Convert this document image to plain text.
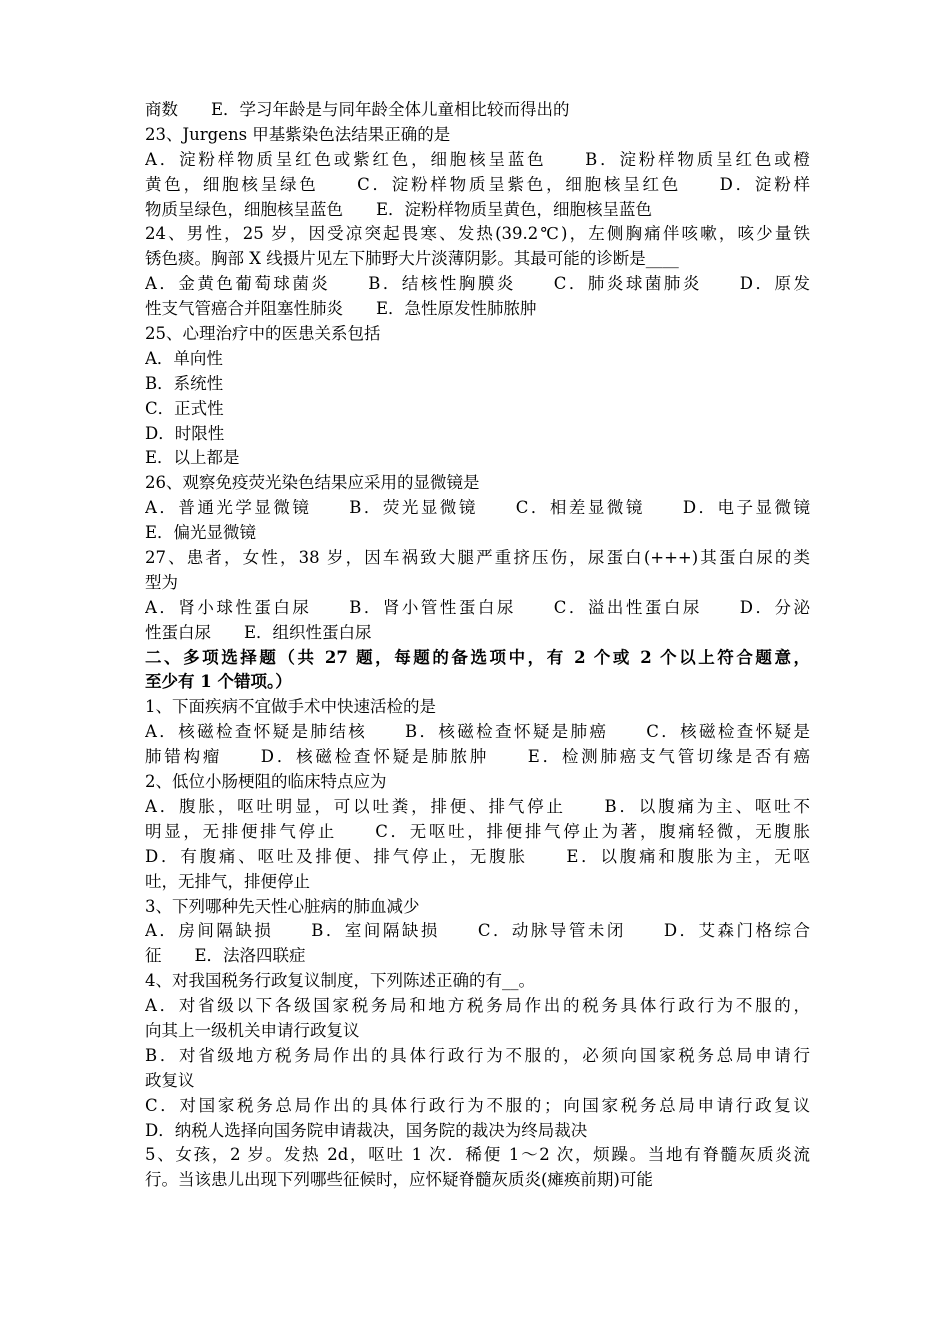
商数　　E．学习年龄是与同年龄全体儿童相比较而得出的
23、Jurgens 甲基紫染色法结果正确的是
A．淀粉样物质呈红色或紫红色，细胞核呈蓝色　　B．淀粉样物质呈红色或橙
黄色，细胞核呈绿色　　C．淀粉样物质呈紫色，细胞核呈红色　　D．淀粉样
物质呈绿色，细胞核呈蓝色　　E．淀粉样物质呈黄色，细胞核呈蓝色
24、男性，25 岁，因受凉突起畏寒、发热(39.2℃)，左侧胸痛伴咳嗽，咳少量铁
锈色痰。胸部 X 线摄片见左下肺野大片淡薄阴影。其最可能的诊断是____
A．金黄色葡萄球菌炎　　B．结核性胸膜炎　　C．肺炎球菌肺炎　　D．原发
性支气管癌合并阻塞性肺炎　　E．急性原发性肺脓肿
25、心理治疗中的医患关系包括
A．单向性
B．系统性
C．正式性
D．时限性
E．以上都是
26、观察免疫荧光染色结果应采用的显微镜是
A．普通光学显微镜　　B．荧光显微镜　　C．相差显微镜　　D．电子显微镜
E．偏光显微镜
27、患者，女性，38 岁，因车祸致大腿严重挤压伤，尿蛋白(+++)其蛋白尿的类
型为
A．肾小球性蛋白尿　　B．肾小管性蛋白尿　　C．溢出性蛋白尿　　D．分泌
性蛋白尿　　E．组织性蛋白尿
二、多项选择题（共 27 题，每题的备选项中，有 2 个或 2 个以上符合题意，
至少有 1 个错项。）
1、下面疾病不宜做手术中快速活检的是
A．核磁检查怀疑是肺结核　　B．核磁检查怀疑是肺癌　　C．核磁检查怀疑是
肺错构瘤　　D．核磁检查怀疑是肺脓肿　　E．检测肺癌支气管切缘是否有癌
2、低位小肠梗阻的临床特点应为
A．腹胀，呕吐明显，可以吐粪，排便、排气停止　　B．以腹痛为主、呕吐不
明显，无排便排气停止　　C．无呕吐，排便排气停止为著，腹痛轻微，无腹胀
D．有腹痛、呕吐及排便、排气停止，无腹胀　　E．以腹痛和腹胀为主，无呕
吐，无排气，排便停止
3、下列哪种先天性心脏病的肺血减少
A．房间隔缺损　　B．室间隔缺损　　C．动脉导管未闭　　D．艾森门格综合
征　　E．法洛四联症
4、对我国税务行政复议制度，下列陈述正确的有__。
A．对省级以下各级国家税务局和地方税务局作出的税务具体行政行为不服的，
向其上一级机关申请行政复议
B．对省级地方税务局作出的具体行政行为不服的，必须向国家税务总局申请行
政复议
C．对国家税务总局作出的具体行政行为不服的；向国家税务总局申请行政复议
D．纳税人选择向国务院申请裁决，国务院的裁决为终局裁决
5、女孩，2 岁。发热 2d，呕吐 1 次．稀便 1～2 次，烦躁。当地有脊髓灰质炎流
行。当该患儿出现下列哪些征候时，应怀疑脊髓灰质炎(瘫痪前期)可能
